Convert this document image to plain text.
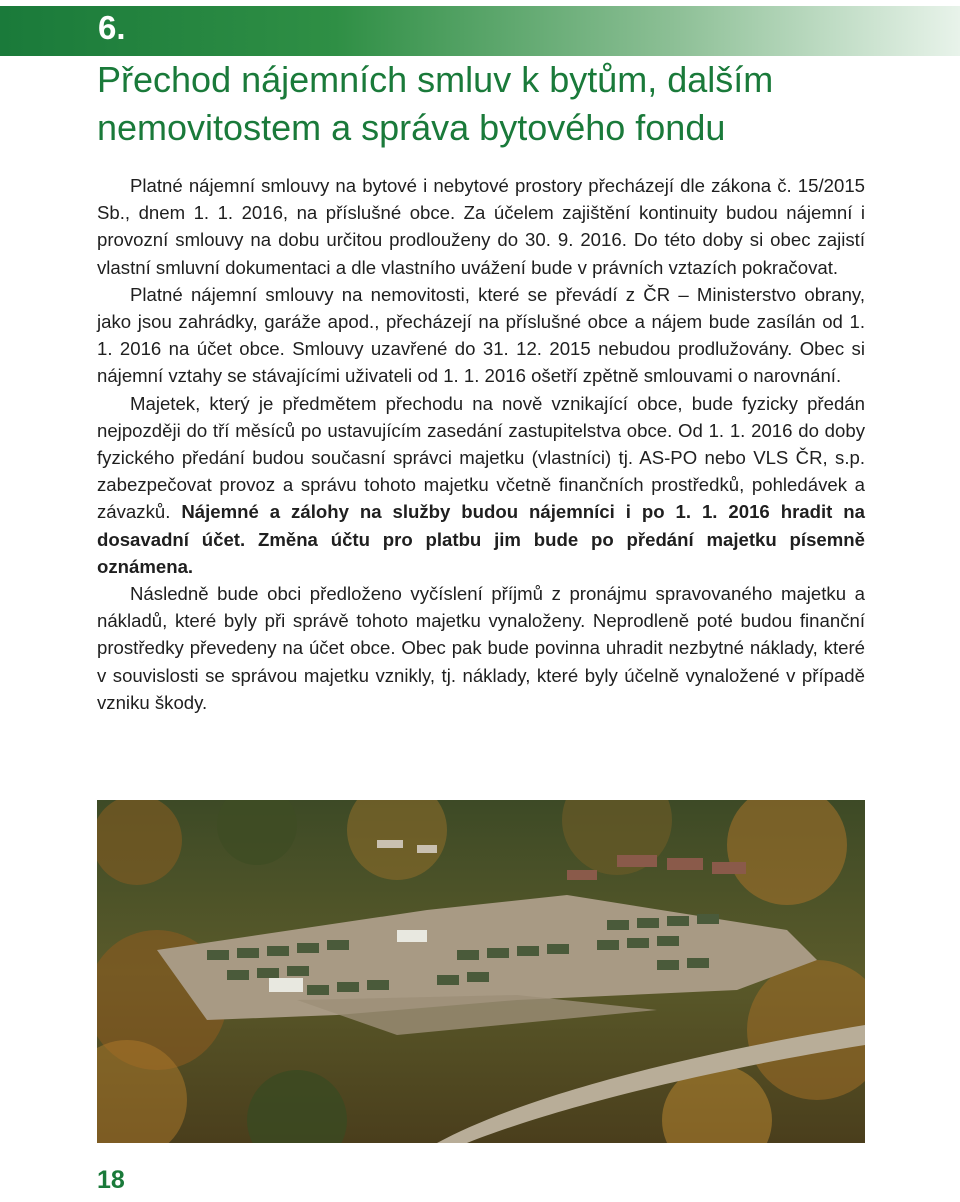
6.
Přechod nájemních smluv k bytům, dalším nemovitostem a správa bytového fondu

Platné nájemní smlouvy na bytové i nebytové prostory přecházejí dle zákona č. 15/2015 Sb., dnem 1. 1. 2016, na příslušné obce. Za účelem zajištění kontinuity budou nájemní i provozní smlouvy na dobu určitou prodlouženy do 30. 9. 2016. Do této doby si obec zajistí vlastní smluvní dokumentaci a dle vlastního uvážení bude v právních vztazích pokračovat.

Platné nájemní smlouvy na nemovitosti, které se převádí z ČR – Ministerstvo obrany, jako jsou zahrádky, garáže apod., přecházejí na příslušné obce a nájem bude zasílán od 1. 1. 2016 na účet obce. Smlouvy uzavřené do 31. 12. 2015 nebudou prodlužovány. Obec si nájemní vztahy se stávajícími uživateli od 1. 1. 2016 ošetří zpětně smlouvami o narovnání.

Majetek, který je předmětem přechodu na nově vznikající obce, bude fyzicky předán nejpozději do tří měsíců po ustavujícím zasedání zastupitelstva obce. Od 1. 1. 2016 do doby fyzického předání budou současní správci majetku (vlastníci) tj. AS-PO nebo VLS ČR, s.p. zabezpečovat provoz a správu tohoto majetku včetně finančních prostředků, pohledávek a závazků. Nájemné a zálohy na služby budou nájemníci i po 1. 1. 2016 hradit na dosavadní účet. Změna účtu pro platbu jim bude po předání majetku písemně oznámena.

Následně bude obci předloženo vyčíslení příjmů z pronájmu spravovaného majetku a nákladů, které byly při správě tohoto majetku vynaloženy. Neprodleně poté budou finanční prostředky převedeny na účet obce. Obec pak bude povinna uhradit nezbytné náklady, které v souvislosti se správou majetku vznikly, tj. náklady, které byly účelně vynaložené v případě vzniku škody.

18
